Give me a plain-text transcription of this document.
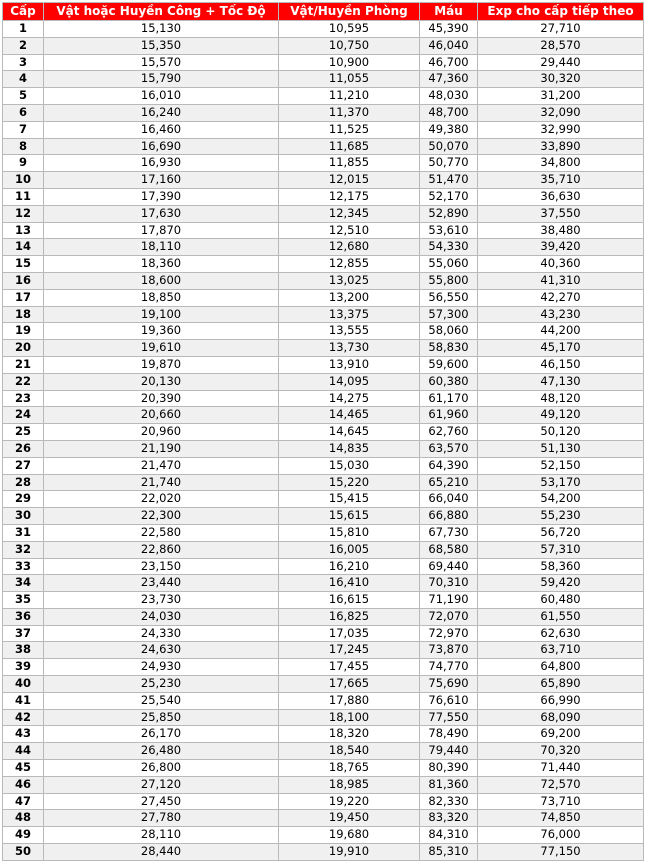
Cấp	Vật hoặc Huyền Công + Tốc Độ	Vật/Huyền Phòng	Máu	Exp cho cấp tiếp theo
1	15,130	10,595	45,390	27,710
2	15,350	10,750	46,040	28,570
3	15,570	10,900	46,700	29,440
4	15,790	11,055	47,360	30,320
5	16,010	11,210	48,030	31,200
6	16,240	11,370	48,700	32,090
7	16,460	11,525	49,380	32,990
8	16,690	11,685	50,070	33,890
9	16,930	11,855	50,770	34,800
10	17,160	12,015	51,470	35,710
11	17,390	12,175	52,170	36,630
12	17,630	12,345	52,890	37,550
13	17,870	12,510	53,610	38,480
14	18,110	12,680	54,330	39,420
15	18,360	12,855	55,060	40,360
16	18,600	13,025	55,800	41,310
17	18,850	13,200	56,550	42,270
18	19,100	13,375	57,300	43,230
19	19,360	13,555	58,060	44,200
20	19,610	13,730	58,830	45,170
21	19,870	13,910	59,600	46,150
22	20,130	14,095	60,380	47,130
23	20,390	14,275	61,170	48,120
24	20,660	14,465	61,960	49,120
25	20,960	14,645	62,760	50,120
26	21,190	14,835	63,570	51,130
27	21,470	15,030	64,390	52,150
28	21,740	15,220	65,210	53,170
29	22,020	15,415	66,040	54,200
30	22,300	15,615	66,880	55,230
31	22,580	15,810	67,730	56,720
32	22,860	16,005	68,580	57,310
33	23,150	16,210	69,440	58,360
34	23,440	16,410	70,310	59,420
35	23,730	16,615	71,190	60,480
36	24,030	16,825	72,070	61,550
37	24,330	17,035	72,970	62,630
38	24,630	17,245	73,870	63,710
39	24,930	17,455	74,770	64,800
40	25,230	17,665	75,690	65,890
41	25,540	17,880	76,610	66,990
42	25,850	18,100	77,550	68,090
43	26,170	18,320	78,490	69,200
44	26,480	18,540	79,440	70,320
45	26,800	18,765	80,390	71,440
46	27,120	18,985	81,360	72,570
47	27,450	19,220	82,330	73,710
48	27,780	19,450	83,320	74,850
49	28,110	19,680	84,310	76,000
50	28,440	19,910	85,310	77,150
